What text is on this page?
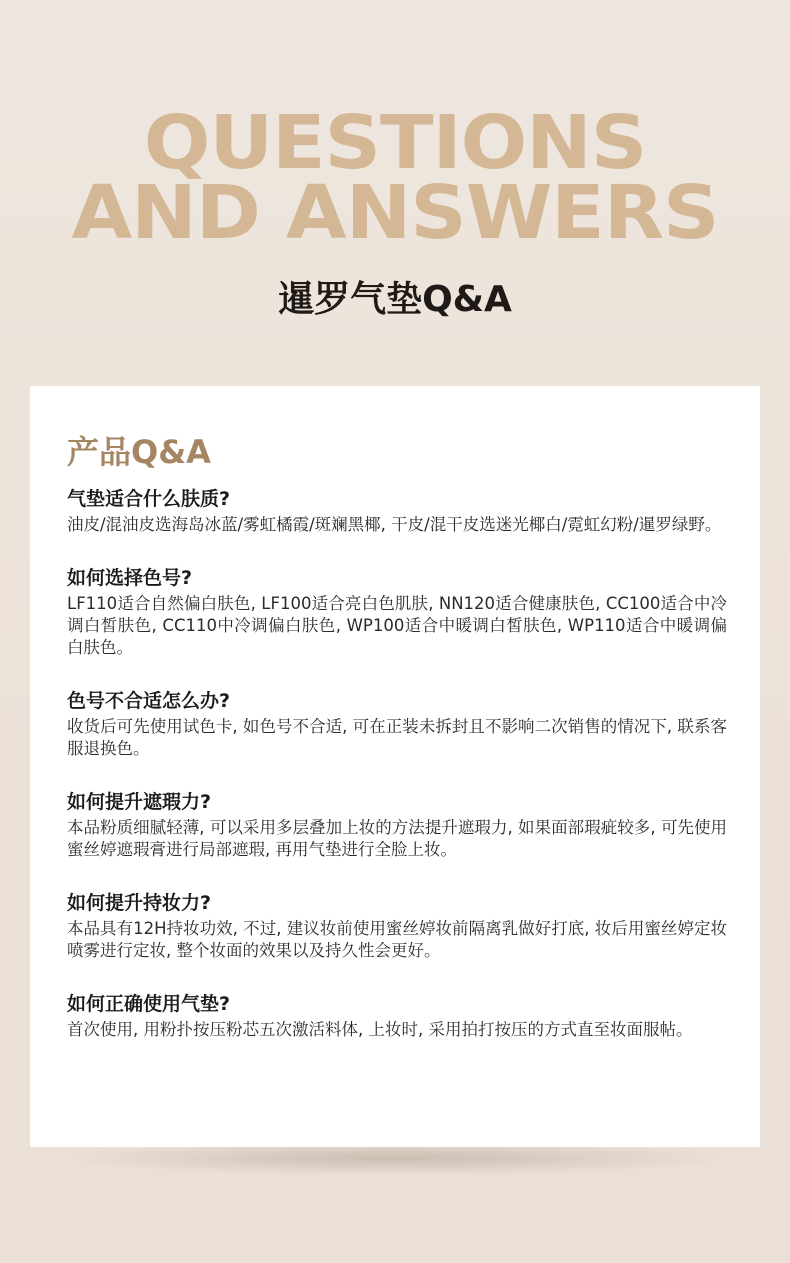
QUESTIONS
AND ANSWERS
暹罗气垫Q&A
产品Q&A
气垫适合什么肤质?
油皮/混油皮选海岛冰蓝/雾虹橘霞/斑斓黑椰, 干皮/混干皮选迷光椰白/霓虹幻粉/暹罗绿野。
如何选择色号?
LF110适合自然偏白肤色, LF100适合亮白色肌肤, NN120适合健康肤色, CC100适合中冷调白皙肤色, CC110中冷调偏白肤色, WP100适合中暖调白皙肤色, WP110适合中暖调偏白肤色。
色号不合适怎么办?
收货后可先使用试色卡, 如色号不合适, 可在正装未拆封且不影响二次销售的情况下, 联系客服退换色。
如何提升遮瑕力?
本品粉质细腻轻薄, 可以采用多层叠加上妆的方法提升遮瑕力, 如果面部瑕疵较多, 可先使用蜜丝婷遮瑕膏进行局部遮瑕, 再用气垫进行全脸上妆。
如何提升持妆力?
本品具有12H持妆功效, 不过, 建议妆前使用蜜丝婷妆前隔离乳做好打底, 妆后用蜜丝婷定妆喷雾进行定妆, 整个妆面的效果以及持久性会更好。
如何正确使用气垫?
首次使用, 用粉扑按压粉芯五次激活料体, 上妆时, 采用拍打按压的方式直至妆面服帖。
